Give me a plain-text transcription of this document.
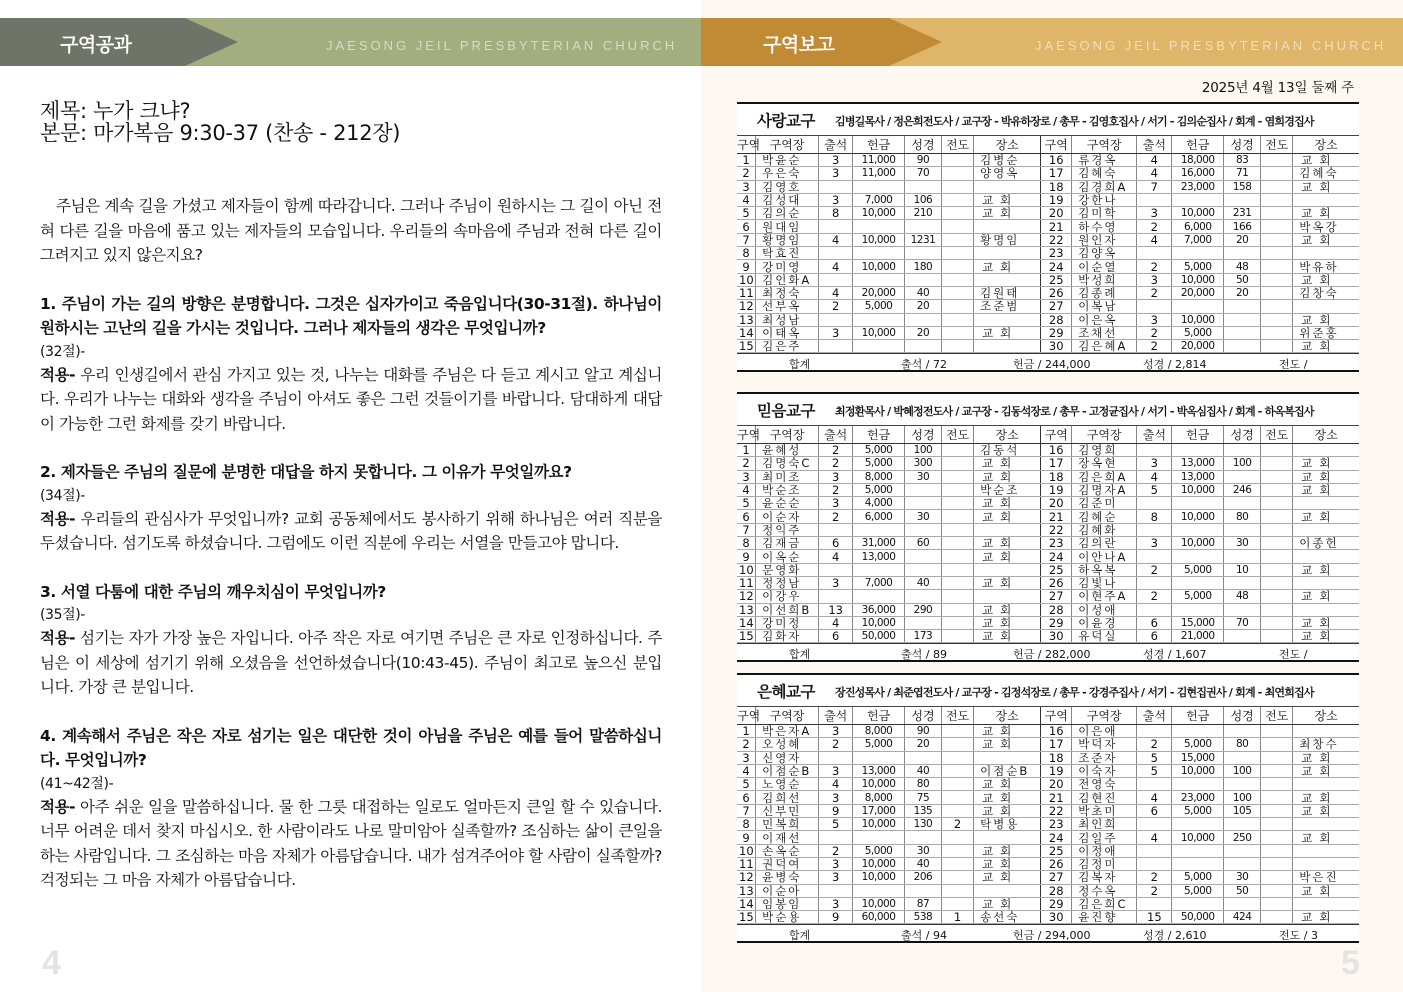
구역공과	JAESONG JEIL PRESBYTERIAN CHURCH
제목: 누가 크냐?
본문: 마가복음 9:30-37 (찬송 - 212장)

주님은 계속 길을 가셨고 제자들이 함께 따라갑니다. 그러나 주님이 원하시는 그 길이 아닌 전혀 다른 길을 마음에 품고 있는 제자들의 모습입니다. 우리들의 속마음에 주님과 전혀 다른 길이 그려지고 있지 않은지요?

1. 주님이 가는 길의 방향은 분명합니다. 그것은 십자가이고 죽음입니다(30-31절). 하나님이 원하시는 고난의 길을 가시는 것입니다. 그러나 제자들의 생각은 무엇입니까?

(32절)-

적용- 우리 인생길에서 관심 가지고 있는 것, 나누는 대화를 주님은 다 듣고 계시고 알고 계십니다. 우리가 나누는 대화와 생각을 주님이 아셔도 좋은 그런 것들이기를 바랍니다. 담대하게 대답이 가능한 그런 화제를 갖기 바랍니다.

2. 제자들은 주님의 질문에 분명한 대답을 하지 못합니다. 그 이유가 무엇일까요?

(34절)-

적용- 우리들의 관심사가 무엇입니까? 교회 공동체에서도 봉사하기 위해 하나님은 여러 직분을 두셨습니다. 섬기도록 하셨습니다. 그럼에도 이런 직분에 우리는 서열을 만들고야 맙니다.

3. 서열 다툼에 대한 주님의 깨우치심이 무엇입니까?

(35절)-

적용- 섬기는 자가 가장 높은 자입니다. 아주 작은 자로 여기면 주님은 큰 자로 인정하십니다. 주님은 이 세상에 섬기기 위해 오셨음을 선언하셨습니다(10:43-45). 주님이 최고로 높으신 분입니다. 가장 큰 분입니다.

4. 계속해서 주님은 작은 자로 섬기는 일은 대단한 것이 아님을 주님은 예를 들어 말씀하십니다. 무엇입니까?

(41~42절)-

적용- 아주 쉬운 일을 말씀하십니다. 물 한 그릇 대접하는 일로도 얼마든지 큰일 할 수 있습니다. 너무 어려운 데서 찾지 마십시오. 한 사람이라도 나로 말미암아 실족할까? 조심하는 삶이 큰일을 하는 사람입니다. 그 조심하는 마음 자체가 아름답습니다. 내가 섬겨주어야 할 사람이 실족할까? 걱정되는 그 마음 자체가 아름답습니다.

4
구역보고	JAESONG JEIL PRESBYTERIAN CHURCH
2025년 4월 13일 둘째 주
5
사랑교구 김병길목사 / 정은희전도사 / 교구장 - 박유하장로 / 총무 - 김영호집사 / 서기 - 김의순집사 / 회계 - 염희경집사
구역	구역장	출석	헌금	성경	전도	장소	구역	구역장	출석	헌금	성경	전도	장소
1	박윤순	3	11,000	90		김병순	16	류경옥	4	18,000	83		교회
2	우은숙	3	11,000	70		양영옥	17	김혜숙	4	16,000	71		김혜숙
3	김영호						18	김경희A	7	23,000	158		교회
4	김성대	3	7,000	106		교회	19	강한나					
5	김의순	8	10,000	210		교회	20	김미학	3	10,000	231		교회
6	원대임						21	하수영	2	6,000	166		박옥강
7	황명임	4	10,000	1231		황명임	22	원인자	4	7,000	20		교회
8	탁효진						23	김양옥					
9	강미영	4	10,000	180		교회	24	이순열	2	5,000	48		박유하
10	김인화A						25	박성희	3	10,000	50		교회
11	최정숙	4	20,000	40		김원태	26	김종례	2	20,000	20		김창숙
12	선부옥	2	5,000	20		조준범	27	이복남					
13	최성남						28	이은옥	3	10,000			교회
14	이태옥	3	10,000	20		교회	29	조채선	2	5,000			위준홍
15	김은주						30	김은혜A	2	20,000			교회
합계	출석 / 72	헌금 / 244,000	성경 / 2,814	전도 /
믿음교구 최정환목사 / 박혜정전도사 / 교구장 - 김동석장로 / 총무 - 고정균집사 / 서기 - 박옥심집사 / 회계 - 하옥복집사
구역	구역장	출석	헌금	성경	전도	장소	구역	구역장	출석	헌금	성경	전도	장소
1	윤혜성	2	5,000	100		김동석	16	김영희					
2	김명숙C	2	5,000	300		교회	17	장옥현	3	13,000	100		교회
3	최미조	3	8,000	30		교회	18	김은희A	4	13,000			교회
4	박순조	2	5,000			박순조	19	김명자A	5	10,000	246		교회
5	윤순순	3	4,000			교회	20	김준미					
6	이순자	2	6,000	30		교회	21	김혜순	8	10,000	80		교회
7	정익주						22	김혜화					
8	김재금	6	31,000	60		교회	23	김의란	3	10,000	30		이종헌
9	이옥순	4	13,000			교회	24	이안나A					
10	문영화						25	하옥복	2	5,000	10		교회
11	정정남	3	7,000	40		교회	26	김빛나					
12	이강우						27	이현주A	2	5,000	48		교회
13	이선희B	13	36,000	290		교회	28	이성애					
14	강미정	4	10,000			교회	29	이윤경	6	15,000	70		교회
15	김화자	6	50,000	173		교회	30	유덕실	6	21,000			교회
합계	출석 / 89	헌금 / 282,000	성경 / 1,607	전도 /
은혜교구 장진성목사 / 최준엽전도사 / 교구장 - 김정석장로 / 총무 - 강경주집사 / 서기 - 김현집권사 / 회계 - 최연희집사
구역	구역장	출석	헌금	성경	전도	장소	구역	구역장	출석	헌금	성경	전도	장소
1	박은자A	3	8,000	90		교회	16	이은애					
2	오성혜	2	5,000	20		교회	17	박덕자	2	5,000	80		최창수
3	신영자						18	조준자	5	15,000			교회
4	이점순B	3	13,000	40		이점순B	19	이숙자	5	10,000	100		교회
5	노영순	4	10,000	80		교회	20	전영숙					
6	김희선	3	8,000	75		교회	21	김현진	4	23,000	100		교회
7	신부민	9	17,000	135		교회	22	박초미	6	5,000	105		교회
8	민복희	5	10,000	130	2	탁병용	23	최인희					
9	이재선						24	김일주	4	10,000	250		교회
10	손옥순	2	5,000	30		교회	25	이정애					
11	권덕여	3	10,000	40		교회	26	김정미					
12	윤병숙	3	10,000	206		교회	27	김복자	2	5,000	30		박은진
13	이순아						28	정수옥	2	5,000	50		교회
14	임봉임	3	10,000	87		교회	29	김은희C					
15	박순용	9	60,000	538	1	송선숙	30	윤진향	15	50,000	424		교회
합계	출석 / 94	헌금 / 294,000	성경 / 2,610	전도 / 3
